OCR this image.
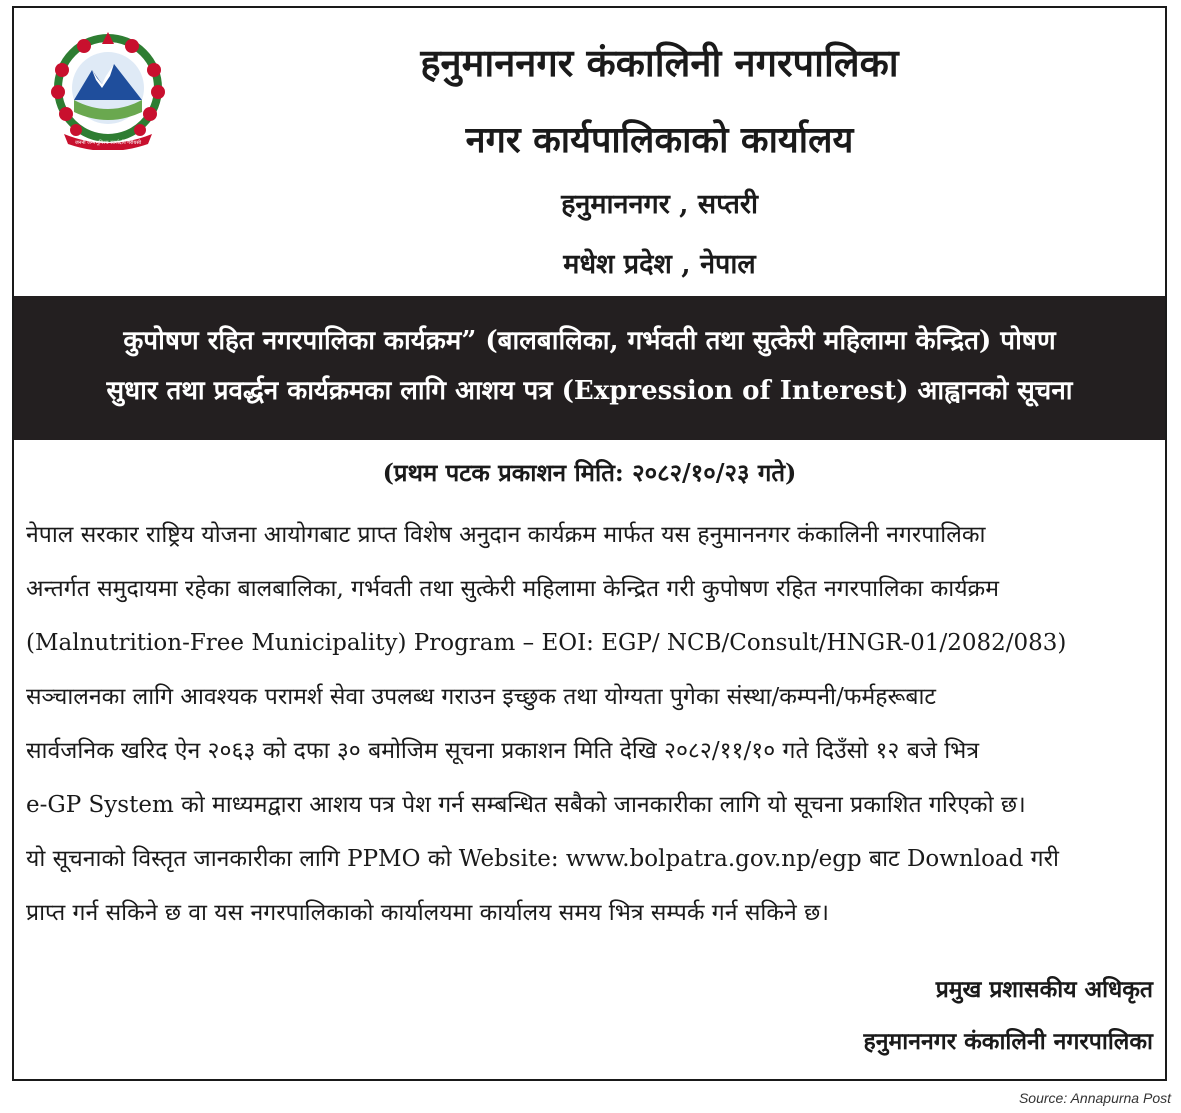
जननी जन्मभूमिश्च स्वर्गादपि गरीयसी
हनुमाननगर कंकालिनी नगरपालिका
नगर कार्यपालिकाको कार्यालय
हनुमाननगर , सप्तरी
मधेश प्रदेश , नेपाल
कुपोषण रहित नगरपालिका कार्यक्रम” (बालबालिका, गर्भवती तथा सुत्केरी महिलामा केन्द्रित) पोषण
सुधार तथा प्रवर्द्धन कार्यक्रमका लागि आशय पत्र (Expression of Interest) आह्वानको सूचना
(प्रथम पटक प्रकाशन मिति: २०८२/१०/२३ गते)
नेपाल सरकार राष्ट्रिय योजना आयोगबाट प्राप्त विशेष अनुदान कार्यक्रम मार्फत यस हनुमाननगर कंकालिनी नगरपालिका
अन्तर्गत समुदायमा रहेका बालबालिका, गर्भवती तथा सुत्केरी महिलामा केन्द्रित गरी कुपोषण रहित नगरपालिका कार्यक्रम
(Malnutrition-Free Municipality) Program – EOI: EGP/ NCB/Consult/HNGR-01/2082/083)
सञ्चालनका लागि आवश्यक परामर्श सेवा उपलब्ध गराउन इच्छुक तथा योग्यता पुगेका संस्था/कम्पनी/फर्महरूबाट
सार्वजनिक खरिद ऐन २०६३ को दफा ३० बमोजिम सूचना प्रकाशन मिति देखि २०८२/११/१० गते दिउँसो १२ बजे भित्र
e-GP System को माध्यमद्वारा आशय पत्र पेश गर्न सम्बन्धित सबैको जानकारीका लागि यो सूचना प्रकाशित गरिएको छ।
यो सूचनाको विस्तृत जानकारीका लागि PPMO को Website: www.bolpatra.gov.np/egp बाट Download गरी
प्राप्त गर्न सकिने छ वा यस नगरपालिकाको कार्यालयमा कार्यालय समय भित्र सम्पर्क गर्न सकिने छ।
प्रमुख प्रशासकीय अधिकृत
हनुमाननगर कंकालिनी नगरपालिका
Source: Annapurna Post
